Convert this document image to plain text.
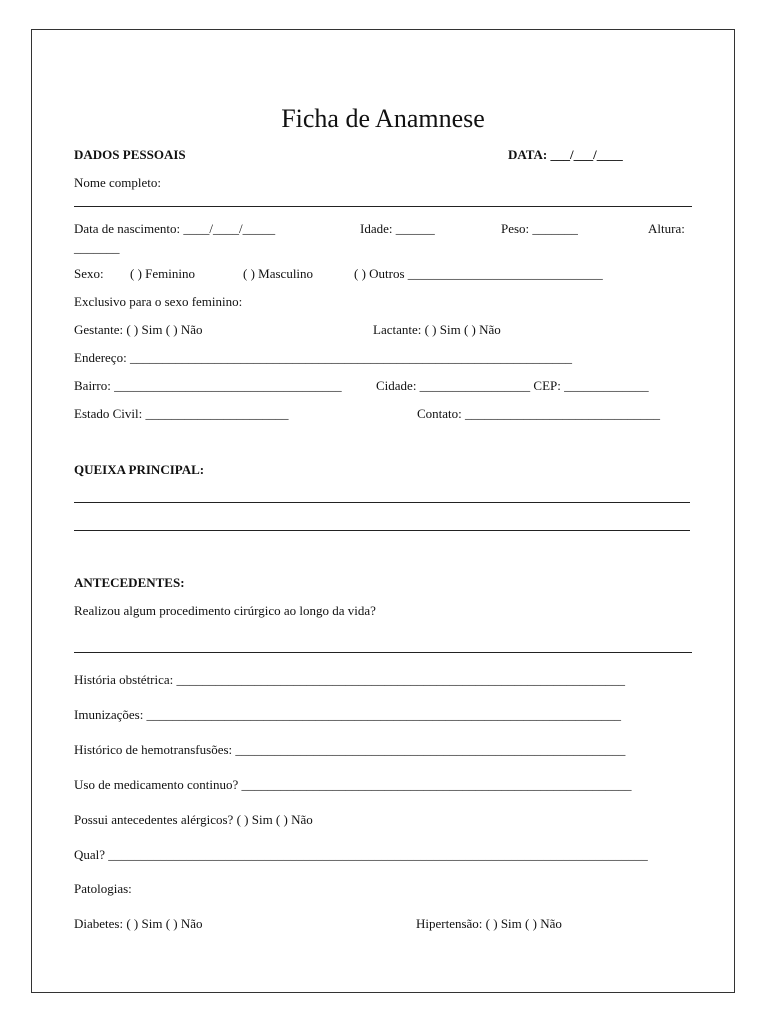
Ficha de Anamnese
DADOS PESSOAIS	DATA: ___/___/____
Nome completo:
Data de nascimento: ____/____/_____	Idade: ______	Peso: _______	Altura:
_______
Sexo: ( ) Feminino	( ) Masculino	( ) Outros ______________________________
Exclusivo para o sexo feminino:
Gestante: ( ) Sim ( ) Não	Lactante: ( ) Sim ( ) Não
Endereço: ____________________________________________________________________
Bairro: ___________________________________	Cidade: _________________ CEP: _____________
Estado Civil: ______________________	Contato: ______________________________
QUEIXA PRINCIPAL:
ANTECEDENTES:
Realizou algum procedimento cirúrgico ao longo da vida?
História obstétrica: _____________________________________________________________________
Imunizações: _________________________________________________________________________
Histórico de hemotransfusões: ____________________________________________________________
Uso de medicamento continuo? ____________________________________________________________
Possui antecedentes alérgicos? ( ) Sim ( ) Não
Qual? ___________________________________________________________________________________
Patologias:
Diabetes: ( ) Sim ( ) Não	Hipertensão: ( ) Sim ( ) Não
